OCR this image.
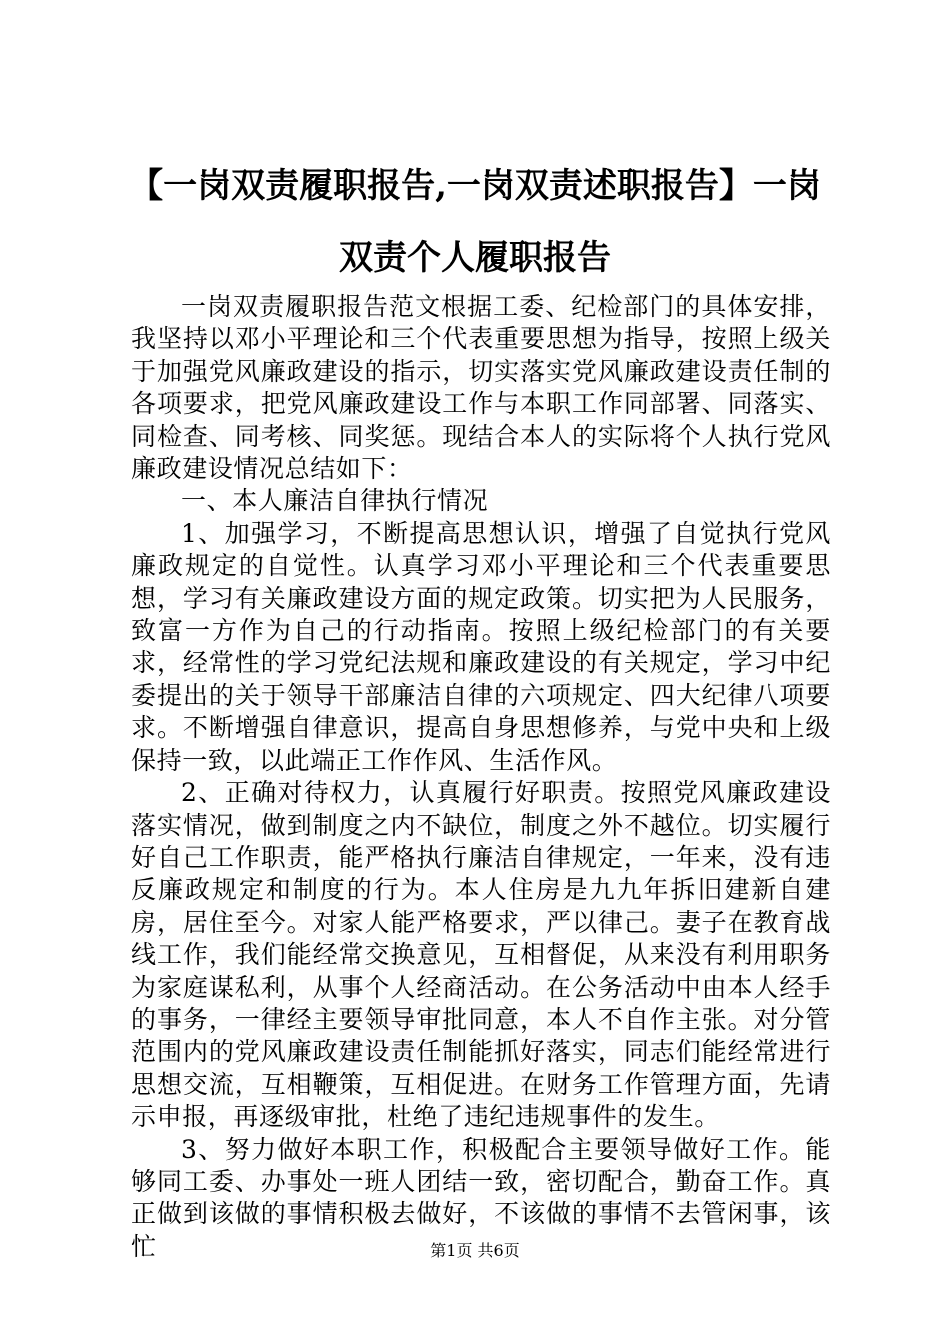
【一岗双责履职报告,一岗双责述职报告】一岗双责个人履职报告

一岗双责履职报告范文根据工委、纪检部门的具体安排，我坚持以邓小平理论和三个代表重要思想为指导，按照上级关于加强党风廉政建设的指示，切实落实党风廉政建设责任制的各项要求，把党风廉政建设工作与本职工作同部署、同落实、同检查、同考核、同奖惩。现结合本人的实际将个人执行党风廉政建设情况总结如下：

一、本人廉洁自律执行情况

1、加强学习，不断提高思想认识，增强了自觉执行党风廉政规定的自觉性。认真学习邓小平理论和三个代表重要思想，学习有关廉政建设方面的规定政策。切实把为人民服务，致富一方作为自己的行动指南。按照上级纪检部门的有关要求，经常性的学习党纪法规和廉政建设的有关规定，学习中纪委提出的关于领导干部廉洁自律的六项规定、四大纪律八项要求。不断增强自律意识，提高自身思想修养，与党中央和上级保持一致，以此端正工作作风、生活作风。

2、正确对待权力，认真履行好职责。按照党风廉政建设落实情况，做到制度之内不缺位，制度之外不越位。切实履行好自己工作职责，能严格执行廉洁自律规定，一年来，没有违反廉政规定和制度的行为。本人住房是九九年拆旧建新自建房，居住至今。对家人能严格要求，严以律己。妻子在教育战线工作，我们能经常交换意见，互相督促，从来没有利用职务为家庭谋私利，从事个人经商活动。在公务活动中由本人经手的事务，一律经主要领导审批同意，本人不自作主张。对分管范围内的党风廉政建设责任制能抓好落实，同志们能经常进行思想交流，互相鞭策，互相促进。在财务工作管理方面，先请示申报，再逐级审批，杜绝了违纪违规事件的发生。

3、努力做好本职工作，积极配合主要领导做好工作。能够同工委、办事处一班人团结一致，密切配合，勤奋工作。真正做到该做的事情积极去做好，不该做的事情不去管闲事，该忙	第1页 共6页
